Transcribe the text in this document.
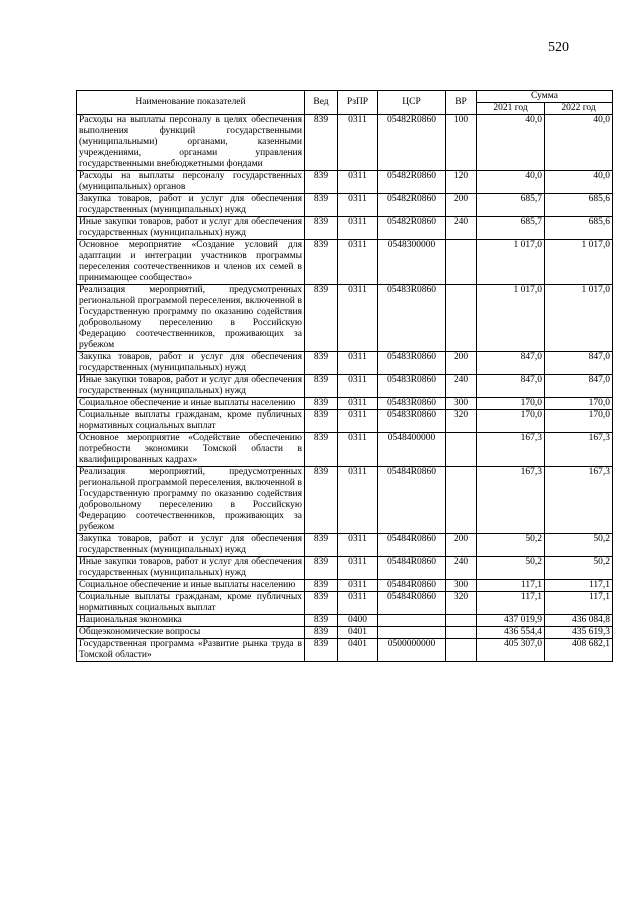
520
Наименование показателей	Вед	РзПР	ЦСР	ВР	Сумма	
					2021 год	2022 год
Расходы на выплаты персоналу в целях обеспечения выполнения функций государственными (муниципальными) органами, казенными учреждениями, органами управления государственными внебюджетными фондами	839	0311	05482R0860	100	40,0	40,0
Расходы на выплаты персоналу государственных (муниципальных) органов	839	0311	05482R0860	120	40,0	40,0
Закупка товаров, работ и услуг для обеспечения государственных (муниципальных) нужд	839	0311	05482R0860	200	685,7	685,6
Иные закупки товаров, работ и услуг для обеспечения государственных (муниципальных) нужд	839	0311	05482R0860	240	685,7	685,6
Основное мероприятие «Создание условий для адаптации и интеграции участников программы переселения соотечественников и членов их семей в принимающее сообщество»	839	0311	0548300000		1 017,0	1 017,0
Реализация мероприятий, предусмотренных региональной программой переселения, включенной в Государственную программу по оказанию содействия добровольному переселению в Российскую Федерацию соотечественников, проживающих за рубежом	839	0311	05483R0860		1 017,0	1 017,0
Закупка товаров, работ и услуг для обеспечения государственных (муниципальных) нужд	839	0311	05483R0860	200	847,0	847,0
Иные закупки товаров, работ и услуг для обеспечения государственных (муниципальных) нужд	839	0311	05483R0860	240	847,0	847,0
Социальное обеспечение и иные выплаты населению	839	0311	05483R0860	300	170,0	170,0
Социальные выплаты гражданам, кроме публичных нормативных социальных выплат	839	0311	05483R0860	320	170,0	170,0
Основное мероприятие «Содействие обеспечению потребности экономики Томской области в квалифицированных кадрах»	839	0311	0548400000		167,3	167,3
Реализация мероприятий, предусмотренных региональной программой переселения, включенной в Государственную программу по оказанию содействия добровольному переселению в Российскую Федерацию соотечественников, проживающих за рубежом	839	0311	05484R0860		167,3	167,3
Закупка товаров, работ и услуг для обеспечения государственных (муниципальных) нужд	839	0311	05484R0860	200	50,2	50,2
Иные закупки товаров, работ и услуг для обеспечения государственных (муниципальных) нужд	839	0311	05484R0860	240	50,2	50,2
Социальное обеспечение и иные выплаты населению	839	0311	05484R0860	300	117,1	117,1
Социальные выплаты гражданам, кроме публичных нормативных социальных выплат	839	0311	05484R0860	320	117,1	117,1
Национальная экономика	839	0400			437 019,9	436 084,8
Общеэкономические вопросы	839	0401			436 554,4	435 619,3
Государственная программа «Развитие рынка труда в Томской области»	839	0401	0500000000		405 307,0	408 682,1
